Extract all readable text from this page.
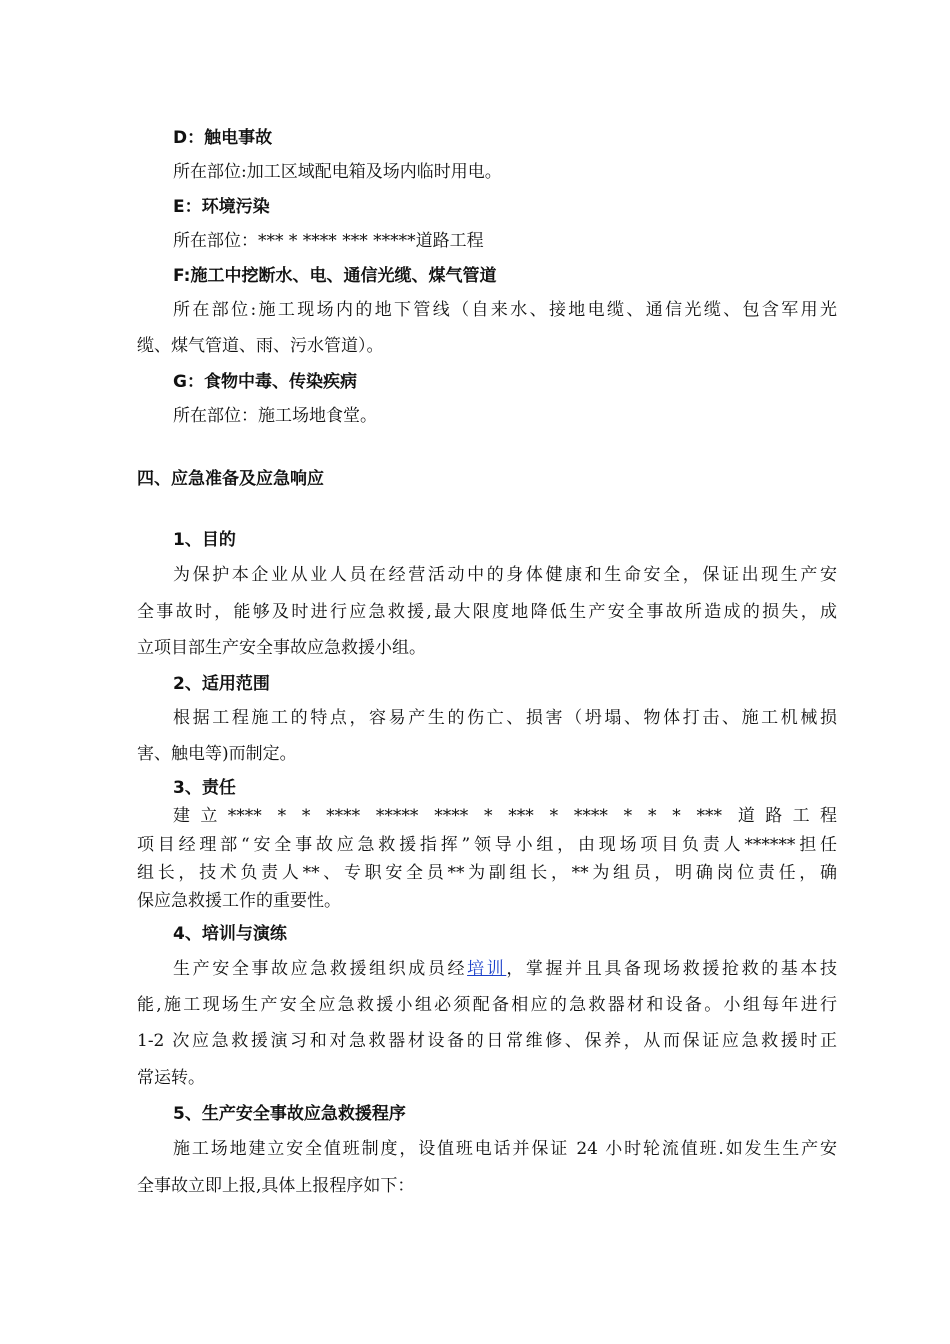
D：触电事故
所在部位:加工区域配电箱及场内临时用电。
E：环境污染
所在部位：*** * **** *** *****道路工程
F:施工中挖断水、电、通信光缆、煤气管道
所在部位:施工现场内的地下管线（自来水、接地电缆、通信光缆、包含军用光
缆、煤气管道、雨、污水管道）。
G：食物中毒、传染疾病
所在部位：施工场地食堂。
四、应急准备及应急响应
1、目的
为保护本企业从业人员在经营活动中的身体健康和生命安全，保证出现生产安
全事故时，能够及时进行应急救援,最大限度地降低生产安全事故所造成的损失，成
立项目部生产安全事故应急救援小组。
2、适用范围
根据工程施工的特点，容易产生的伤亡、损害（坍塌、物体打击、施工机械损
害、触电等)而制定。
3、责任
建立**** * * **** ***** **** * *** * **** * * * *** 道路工程
项目经理部“安全事故应急救援指挥”领导小组，由现场项目负责人******担任
组长，技术负责人**、专职安全员**为副组长，**为组员，明确岗位责任，确
保应急救援工作的重要性。
4、培训与演练
生产安全事故应急救援组织成员经培训，掌握并且具备现场救援抢救的基本技
能,施工现场生产安全应急救援小组必须配备相应的急救器材和设备。小组每年进行
1-2 次应急救援演习和对急救器材设备的日常维修、保养，从而保证应急救援时正
常运转。
5、生产安全事故应急救援程序
施工场地建立安全值班制度，设值班电话并保证 24 小时轮流值班.如发生生产安
全事故立即上报,具体上报程序如下：
